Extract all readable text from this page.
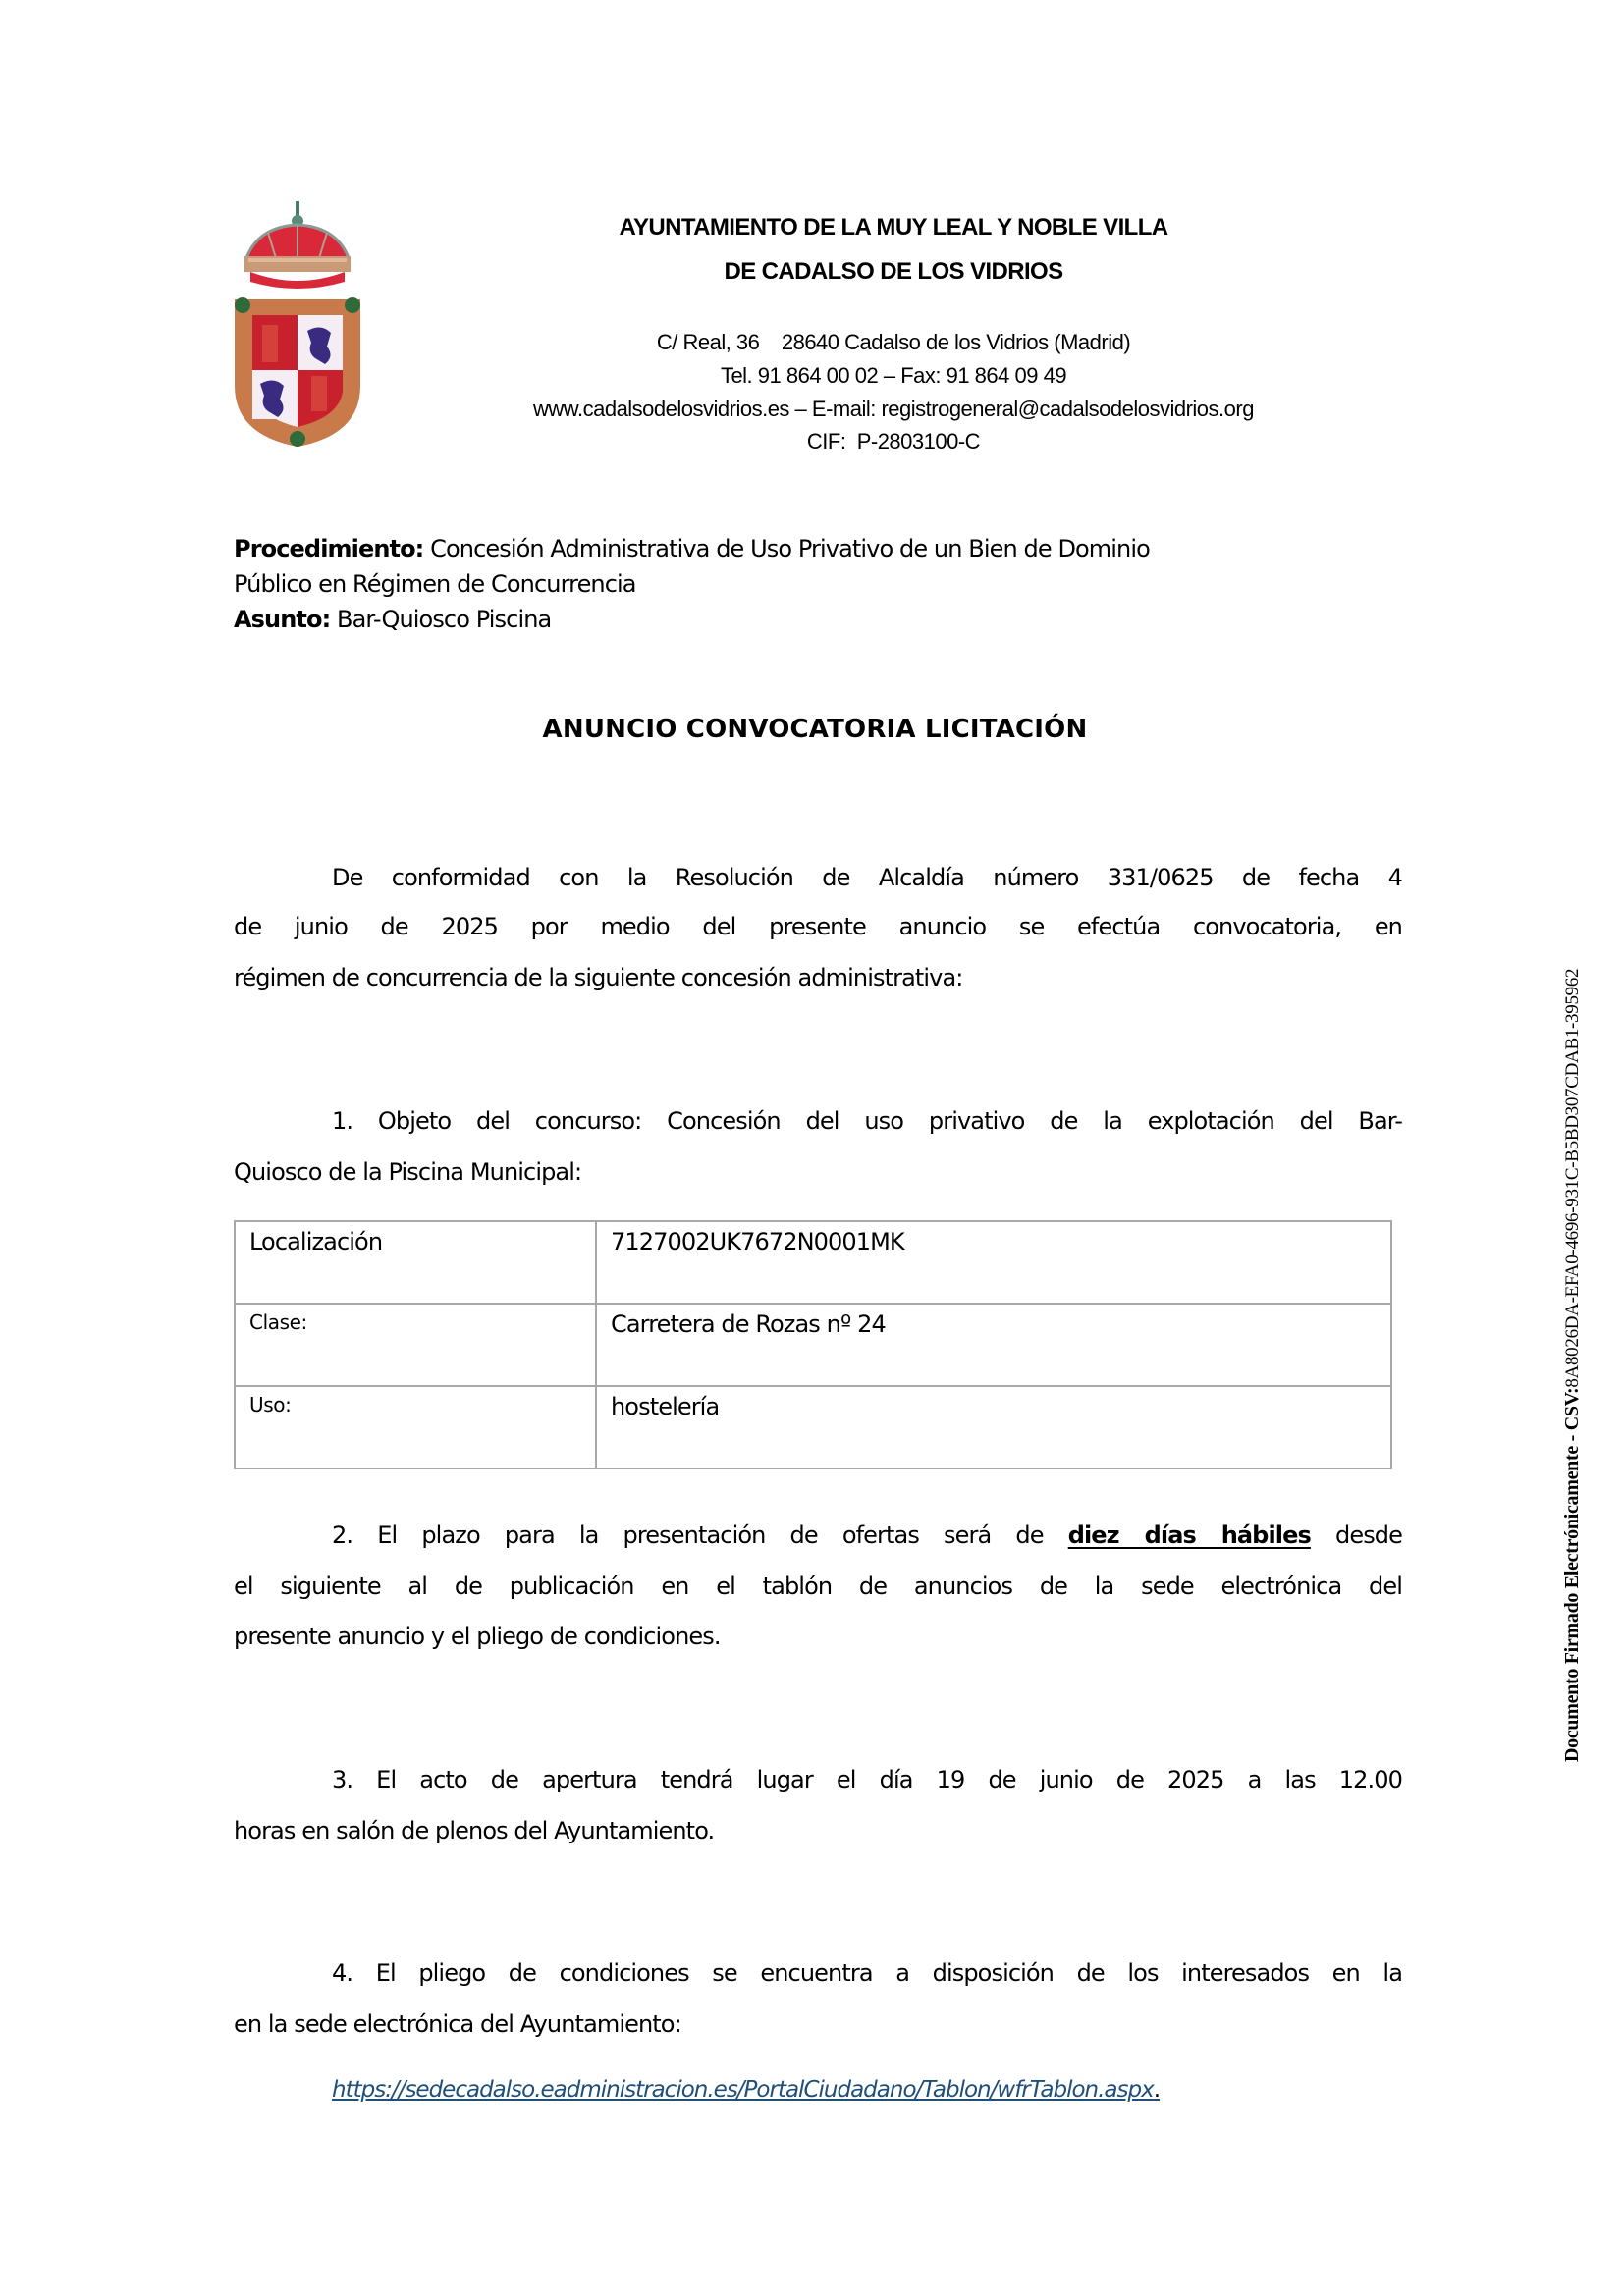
AYUNTAMIENTO DE LA MUY LEAL Y NOBLE VILLA
DE CADALSO DE LOS VIDRIOS
C/ Real, 36    28640 Cadalso de los Vidrios (Madrid)
Tel. 91 864 00 02 – Fax: 91 864 09 49
www.cadalsodelosvidrios.es – E-mail: registrogeneral@cadalsodelosvidrios.org
CIF:  P-2803100-C
Procedimiento: Concesión Administrativa de Uso Privativo de un Bien de Dominio
Público en Régimen de Concurrencia
Asunto: Bar-Quiosco Piscina
ANUNCIO CONVOCATORIA LICITACIÓN
De conformidad con la Resolución de Alcaldía número 331/0625 de fecha 4
de junio de 2025 por medio del presente anuncio se efectúa convocatoria, en
régimen de concurrencia de la siguiente concesión administrativa:
1. Objeto del concurso: Concesión del uso privativo de la explotación del Bar-
Quiosco de la Piscina Municipal:
Localización	7127002UK7672N0001MK
Clase:	Carretera de Rozas nº 24
Uso:	hostelería
2. El plazo para la presentación de ofertas será de diez días hábiles desde
el siguiente al de publicación en el tablón de anuncios de la sede electrónica del
presente anuncio y el pliego de condiciones.
3. El acto de apertura tendrá lugar el día 19 de junio de 2025 a las 12.00
horas en salón de plenos del Ayuntamiento.
4. El pliego de condiciones se encuentra a disposición de los interesados en la
en la sede electrónica del Ayuntamiento:
https://sedecadalso.eadministracion.es/PortalCiudadano/Tablon/wfrTablon.aspx.
Documento Firmado Electrónicamente - CSV:8A8026DA-EFA0-4696-931C-B5BD307CDAB1-395962
